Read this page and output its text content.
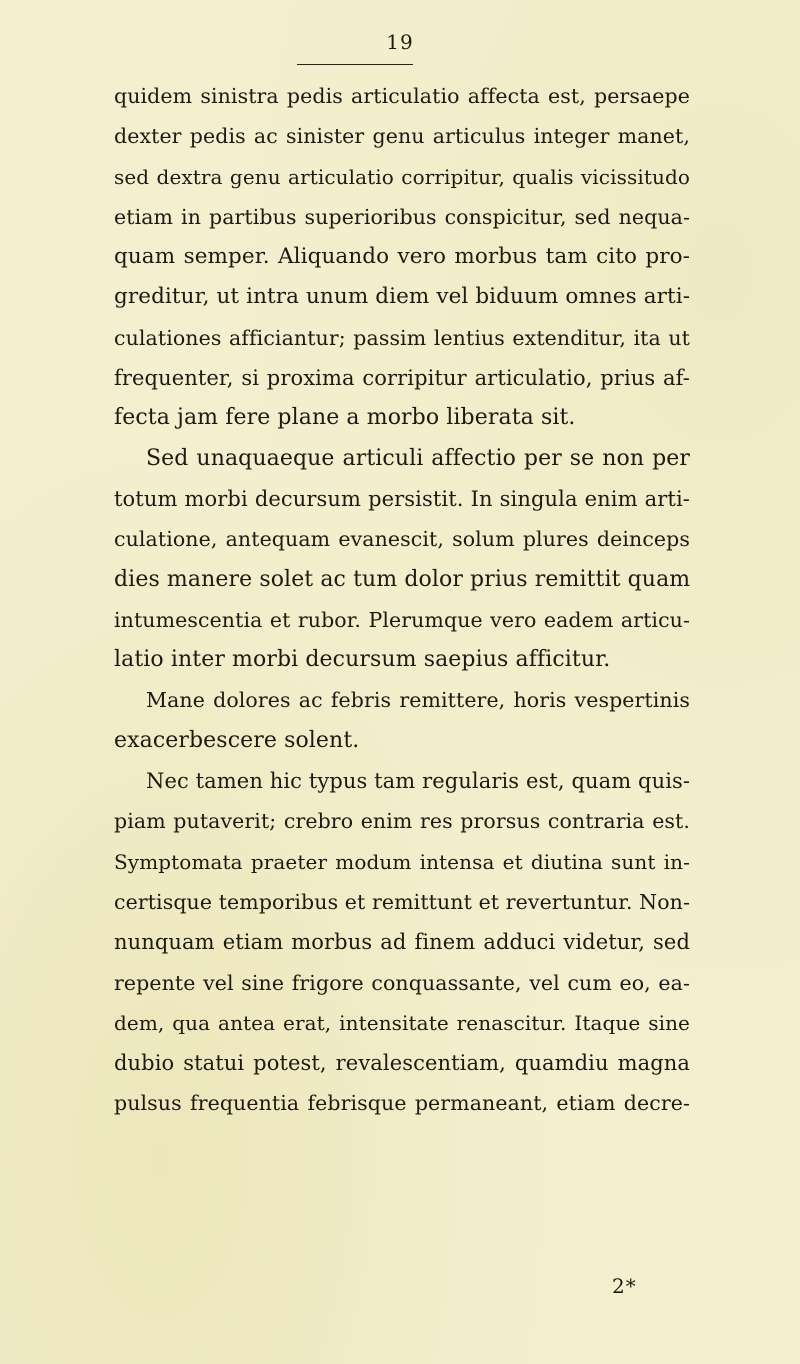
19
quidem sinistra pedis articulatio affecta est, persaepe
dexter pedis ac sinister genu articulus integer manet,
sed dextra genu articulatio corripitur, qualis vicissitudo
etiam in partibus superioribus conspicitur, sed nequa-
quam semper. Aliquando vero morbus tam cito pro-
greditur, ut intra unum diem vel biduum omnes arti-
culationes afficiantur; passim lentius extenditur, ita ut
frequenter, si proxima corripitur articulatio, prius af-
fecta jam fere plane a morbo liberata sit.
Sed unaquaeque articuli affectio per se non per
totum morbi decursum persistit. In singula enim arti-
culatione, antequam evanescit, solum plures deinceps
dies manere solet ac tum dolor prius remittit quam
intumescentia et rubor. Plerumque vero eadem articu-
latio inter morbi decursum saepius afficitur.
Mane dolores ac febris remittere, horis vespertinis
exacerbescere solent.
Nec tamen hic typus tam regularis est, quam quis-
piam putaverit; crebro enim res prorsus contraria est.
Symptomata praeter modum intensa et diutina sunt in-
certisque temporibus et remittunt et revertuntur. Non-
nunquam etiam morbus ad finem adduci videtur, sed
repente vel sine frigore conquassante, vel cum eo, ea-
dem, qua antea erat, intensitate renascitur. Itaque sine
dubio statui potest, revalescentiam, quamdiu magna
pulsus frequentia febrisque permaneant, etiam decre-
2*
